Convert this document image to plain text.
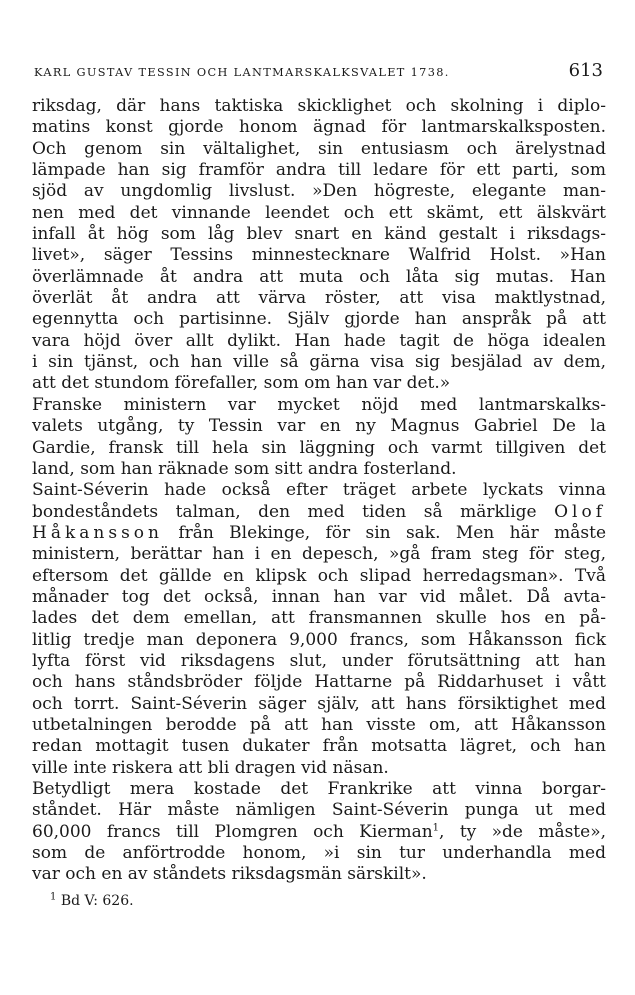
KARL GUSTAV TESSIN OCH LANTMARSKALKSVALET 1738.	613
riksdag, där hans taktiska skicklighet och skolning i diplo-
matins konst gjorde honom ägnad för lantmarskalksposten.
Och genom sin vältalighet, sin entusiasm och ärelystnad
lämpade han sig framför andra till ledare för ett parti, som
sjöd av ungdomlig livslust. »Den högreste, elegante man-
nen med det vinnande leendet och ett skämt, ett älskvärt
infall åt hög som låg blev snart en känd gestalt i riksdags-
livet», säger Tessins minnestecknare Walfrid Holst. »Han
överlämnade åt andra att muta och låta sig mutas. Han
överlät åt andra att värva röster, att visa maktlystnad,
egennytta och partisinne. Själv gjorde han anspråk på att
vara höjd över allt dylikt. Han hade tagit de höga idealen
i sin tjänst, och han ville så gärna visa sig besjälad av dem,
att det stundom förefaller, som om han var det.»
Franske ministern var mycket nöjd med lantmarskalks-
valets utgång, ty Tessin var en ny Magnus Gabriel De la
Gardie, fransk till hela sin läggning och varmt tillgiven det
land, som han räknade som sitt andra fosterland.
Saint-Séverin hade också efter träget arbete lyckats vinna
bondeståndets talman, den med tiden så märklige Olof
Håkansson från Blekinge, för sin sak. Men här måste
ministern, berättar han i en depesch, »gå fram steg för steg,
eftersom det gällde en klipsk och slipad herredagsman». Två
månader tog det också, innan han var vid målet. Då avta-
lades det dem emellan, att fransmannen skulle hos en på-
litlig tredje man deponera 9,000 francs, som Håkansson fick
lyfta först vid riksdagens slut, under förutsättning att han
och hans ståndsbröder följde Hattarne på Riddarhuset i vått
och torrt. Saint-Séverin säger själv, att hans försiktighet med
utbetalningen berodde på att han visste om, att Håkansson
redan mottagit tusen dukater från motsatta lägret, och han
ville inte riskera att bli dragen vid näsan.
Betydligt mera kostade det Frankrike att vinna borgar-
ståndet. Här måste nämligen Saint-Séverin punga ut med
60,000 francs till Plomgren och Kierman$^1$, ty »de måste»,
som de anförtrodde honom, »i sin tur underhandla med
var och en av ståndets riksdagsmän särskilt».
$^1$ Bd V: 626.
